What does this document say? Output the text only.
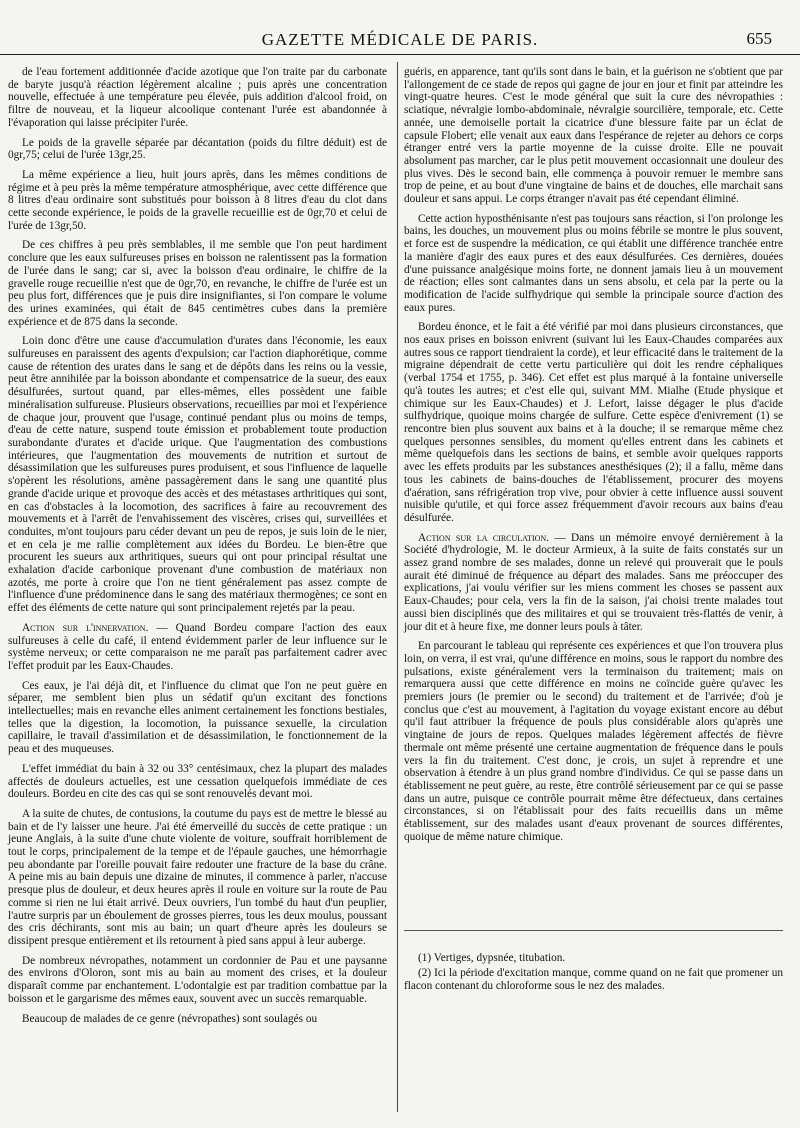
GAZETTE MÉDICALE DE PARIS.	655

de l'eau fortement additionnée d'acide azotique que l'on traite par du carbonate de baryte jusqu'à réaction légèrement alcaline ; puis après une concentration nouvelle, effectuée à une température peu élevée, puis addition d'alcool froid, on filtre de nouveau, et la liqueur alcoolique contenant l'urée est abandonnée à l'évaporation qui laisse précipiter l'urée.

Le poids de la gravelle séparée par décantation (poids du filtre déduit) est de 0gr,75; celui de l'urée 13gr,25.

La même expérience a lieu, huit jours après, dans les mêmes conditions de régime et à peu près la même température atmosphérique, avec cette différence que 8 litres d'eau ordinaire sont substitués pour boisson à 8 litres d'eau du clot dans cette seconde expérience, le poids de la gravelle recueillie est de 0gr,70 et celui de l'urée de 13gr,50.

De ces chiffres à peu près semblables, il me semble que l'on peut hardiment conclure que les eaux sulfureuses prises en boisson ne ralentissent pas la formation de l'urée dans le sang; car si, avec la boisson d'eau ordinaire, le chiffre de la gravelle rouge recueillie n'est que de 0gr,70, en revanche, le chiffre de l'urée est un peu plus fort, différences que je puis dire insignifiantes, si l'on compare le volume des urines examinées, qui était de 845 centimètres cubes dans la première expérience et de 875 dans la seconde.

Loin donc d'être une cause d'accumulation d'urates dans l'économie, les eaux sulfureuses en paraissent des agents d'expulsion; car l'action diaphorétique, comme cause de rétention des urates dans le sang et de dépôts dans les reins ou la vessie, peut être annihilée par la boisson abondante et compensatrice de la sueur, des eaux désulfurées, surtout quand, par elles-mêmes, elles possèdent une faible minéralisation sulfureuse. Plusieurs observations, recueillies par moi et l'expérience de chaque jour, prouvent que l'usage, continué pendant plus ou moins de temps, d'eau de cette nature, suspend toute émission et probablement toute production surabondante d'urates et d'acide urique. Que l'augmentation des combustions intérieures, que l'augmentation des mouvements de nutrition et surtout de désassimilation que les sulfureuses pures produisent, et sous l'influence de laquelle s'opèrent les résolutions, amène passagèrement dans le sang une quantité plus grande d'acide urique et provoque des accès et des métastases arthritiques qui sont, en cas d'obstacles à la locomotion, des sacrifices à faire au recouvrement des mouvements et à l'arrêt de l'envahissement des viscères, crises qui, surveillées et conduites, m'ont toujours paru céder devant un peu de repos, je suis loin de le nier, et en cela je me rallie complètement aux idées du Bordeu. Le bien-être que procurent les sueurs aux arthritiques, sueurs qui ont pour principal résultat une exhalation d'acide carbonique provenant d'une combustion de matériaux non azotés, me porte à croire que l'on ne tient généralement pas assez compte de l'influence d'une prédominence dans le sang des matériaux thermogènes; ce sont en effet des éléments de cette nature qui sont principalement rejetés par la peau.

Action sur l'innervation. — Quand Bordeu compare l'action des eaux sulfureuses à celle du café, il entend évidemment parler de leur influence sur le système nerveux; or cette comparaison ne me paraît pas parfaitement cadrer avec l'effet produit par les Eaux-Chaudes.

Ces eaux, je l'ai déjà dit, et l'influence du climat que l'on ne peut guère en séparer, me semblent bien plus un sédatif qu'un excitant des fonctions intellectuelles; mais en revanche elles animent certainement les fonctions bestiales, telles que la digestion, la locomotion, la puissance sexuelle, la circulation capillaire, le travail d'assimilation et de désassimilation, le fonctionnement de la peau et des muqueuses.

L'effet immédiat du bain à 32 ou 33° centésimaux, chez la plupart des malades affectés de douleurs actuelles, est une cessation quelquefois immédiate de ces douleurs. Bordeu en cite des cas qui se sont renouvelés devant moi.

A la suite de chutes, de contusions, la coutume du pays est de mettre le blessé au bain et de l'y laisser une heure. J'ai été émerveillé du succès de cette pratique : un jeune Anglais, à la suite d'une chute violente de voiture, souffrait horriblement de tout le corps, principalement de la tempe et de l'épaule gauches, une hémorrhagie peu abondante par l'oreille pouvait faire redouter une fracture de la base du crâne. A peine mis au bain depuis une dizaine de minutes, il commence à parler, n'accuse presque plus de douleur, et deux heures après il roule en voiture sur la route de Pau comme si rien ne lui était arrivé. Deux ouvriers, l'un tombé du haut d'un peuplier, l'autre surpris par un éboulement de grosses pierres, tous les deux moulus, poussant des cris déchirants, sont mis au bain; un quart d'heure après les douleurs se dissipent presque entièrement et ils retournent à pied sans appui à leur auberge.

De nombreux névropathes, notamment un cordonnier de Pau et une paysanne des environs d'Oloron, sont mis au bain au moment des crises, et la douleur disparaît comme par enchantement. L'odontalgie est par tradition combattue par la boisson et le gargarisme des mêmes eaux, souvent avec un succès remarquable.

Beaucoup de malades de ce genre (névropathes) sont soulagés ou

guéris, en apparence, tant qu'ils sont dans le bain, et la guérison ne s'obtient que par l'allongement de ce stade de repos qui gagne de jour en jour et finit par atteindre les vingt-quatre heures. C'est le mode général que suit la cure des névropathies : sciatique, névralgie lombo-abdominale, névralgie sourcilière, temporale, etc. Cette année, une demoiselle portait la cicatrice d'une blessure faite par un éclat de capsule Flobert; elle venait aux eaux dans l'espérance de rejeter au dehors ce corps étranger entré vers la partie moyenne de la cuisse droite. Elle ne pouvait absolument pas marcher, car le plus petit mouvement occasionnait une douleur des plus vives. Dès le second bain, elle commença à pouvoir remuer le membre sans trop de peine, et au bout d'une vingtaine de bains et de douches, elle marchait sans douleur et sans appui. Le corps étranger n'avait pas été cependant éliminé.

Cette action hyposthénisante n'est pas toujours sans réaction, si l'on prolonge les bains, les douches, un mouvement plus ou moins fébrile se montre le plus souvent, et force est de suspendre la médication, ce qui établit une différence tranchée entre la manière d'agir des eaux pures et des eaux désulfurées. Ces dernières, douées d'une puissance analgésique moins forte, ne donnent jamais lieu à un mouvement de réaction; elles sont calmantes dans un sens absolu, et cela par la perte ou la modification de l'acide sulfhydrique qui semble la principale source d'action des eaux pures.

Bordeu énonce, et le fait a été vérifié par moi dans plusieurs circonstances, que nos eaux prises en boisson enivrent (suivant lui les Eaux-Chaudes comparées aux autres sous ce rapport tiendraient la corde), et leur efficacité dans le traitement de la migraine dépendrait de cette vertu particulière qui doit les rendre céphaliques (verbal 1754 et 1755, p. 346). Cet effet est plus marqué à la fontaine universelle qu'à toutes les autres; et c'est elle qui, suivant MM. Mialhe (Etude physique et chimique sur les Eaux-Chaudes) et J. Lefort, laisse dégager le plus d'acide sulfhydrique, quoique moins chargée de sulfure. Cette espèce d'enivrement (1) se rencontre bien plus souvent aux bains et à la douche; il se remarque même chez quelques personnes sensibles, du moment qu'elles entrent dans les cabinets et même quelquefois dans les sections de bains, et semble avoir quelques rapports avec les effets produits par les substances anesthésiques (2); il a fallu, même dans tous les cabinets de bains-douches de l'établissement, procurer des moyens d'aération, sans réfrigération trop vive, pour obvier à cette influence aussi souvent nuisible qu'utile, et qui force assez fréquemment d'avoir recours aux bains d'eau désulfurée.

Action sur la circulation. — Dans un mémoire envoyé dernièrement à la Société d'hydrologie, M. le docteur Armieux, à la suite de faits constatés sur un assez grand nombre de ses malades, donne un relevé qui prouverait que le pouls aurait été diminué de fréquence au départ des malades. Sans me préoccuper des explications, j'ai voulu vérifier sur les miens comment les choses se passent aux Eaux-Chaudes; pour cela, vers la fin de la saison, j'ai choisi trente malades tout aussi bien disciplinés que des militaires et qui se trouvaient très-flattés de venir, à jour dit et à heure fixe, me donner leurs pouls à tâter.

En parcourant le tableau qui représente ces expériences et que l'on trouvera plus loin, on verra, il est vrai, qu'une différence en moins, sous le rapport du nombre des pulsations, existe généralement vers la terminaison du traitement; mais on remarquera aussi que cette différence en moins ne coïncide guère qu'avec les premiers jours (le premier ou le second) du traitement et de l'arrivée; d'où je conclus que c'est au mouvement, à l'agitation du voyage existant encore au début qu'il faut attribuer la fréquence de pouls plus considérable alors qu'après une vingtaine de jours de repos. Quelques malades légèrement affectés de fièvre thermale ont même présenté une certaine augmentation de fréquence dans le pouls vers la fin du traitement. C'est donc, je crois, un sujet à reprendre et une observation à étendre à un plus grand nombre d'individus. Ce qui se passe dans un établissement ne peut guère, au reste, être contrôlé sérieusement par ce qui se passe dans un autre, puisque ce contrôle pourrait même être défectueux, dans certaines circonstances, si on l'établissait pour des faits recueillis dans un même établissement, sur des malades usant d'eaux provenant de sources différentes, quoique de même nature chimique.

(1) Vertiges, dypsnée, titubation.

(2) Ici la période d'excitation manque, comme quand on ne fait que promener un flacon contenant du chloroforme sous le nez des malades.
